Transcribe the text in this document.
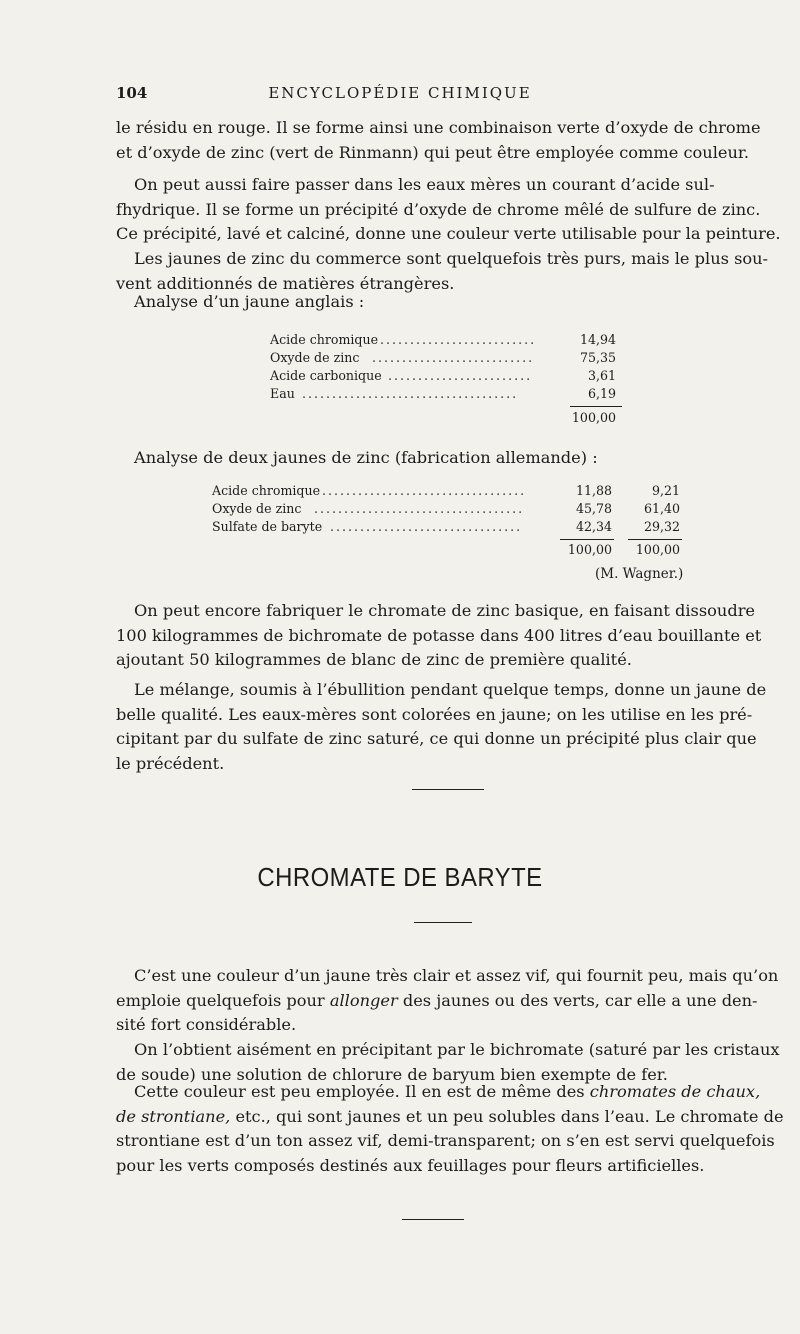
104	ENCYCLOPÉDIE CHIMIQUE
le résidu en rouge. Il se forme ainsi une combinaison verte d’oxyde de chrome
et d’oxyde de zinc (vert de Rinmann) qui peut être employée comme couleur.
On peut aussi faire passer dans les eaux mères un courant d’acide sul-
fhydrique. Il se forme un précipité d’oxyde de chrome mêlé de sulfure de zinc.
Ce précipité, lavé et calciné, donne une couleur verte utilisable pour la peinture.
Les jaunes de zinc du commerce sont quelquefois très purs, mais le plus sou-
vent additionnés de matières étrangères.
Analyse d’un jaune anglais :
Acide chromique ..........................	14,94
Oxyde de zinc ...........................	75,35
Acide carbonique ........................	3,61
Eau ....................................	6,19
100,00
Analyse de deux jaunes de zinc (fabrication allemande) :
Acide chromique ..................................	11,88	9,21
Oxyde de zinc ...................................	45,78	61,40
Sulfate de baryte ................................	42,34	29,32
100,00	100,00
(M. Wagner.)
On peut encore fabriquer le chromate de zinc basique, en faisant dissoudre
100 kilogrammes de bichromate de potasse dans 400 litres d’eau bouillante et
ajoutant 50 kilogrammes de blanc de zinc de première qualité.
Le mélange, soumis à l’ébullition pendant quelque temps, donne un jaune de
belle qualité. Les eaux-mères sont colorées en jaune; on les utilise en les pré-
cipitant par du sulfate de zinc saturé, ce qui donne un précipité plus clair que
le précédent.
CHROMATE DE BARYTE
C’est une couleur d’un jaune très clair et assez vif, qui fournit peu, mais qu’on
emploie quelquefois pour allonger des jaunes ou des verts, car elle a une den-
sité fort considérable.
On l’obtient aisément en précipitant par le bichromate (saturé par les cristaux
de soude) une solution de chlorure de baryum bien exempte de fer.
Cette couleur est peu employée. Il en est de même des chromates de chaux,
de strontiane, etc., qui sont jaunes et un peu solubles dans l’eau. Le chromate de
strontiane est d’un ton assez vif, demi-transparent; on s’en est servi quelquefois
pour les verts composés destinés aux feuillages pour fleurs artificielles.
